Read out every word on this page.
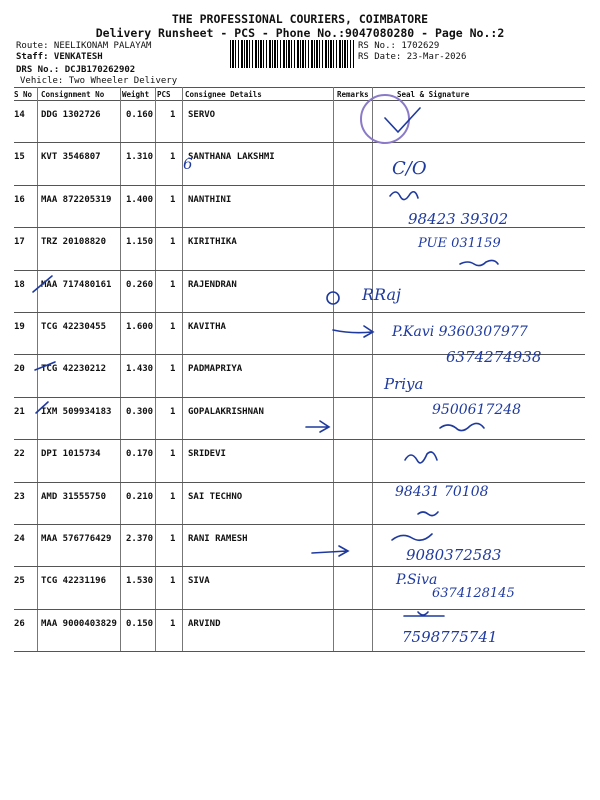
THE PROFESSIONAL COURIERS, COIMBATORE
Delivery Runsheet - PCS - Phone No.:9047080280 - Page No.:2
Route: NEELIKONAM PALAYAM
Staff: VENKATESH
DRS No.: DCJB170262902
Vehicle: Two Wheeler Delivery
RS No.: 1702629
RS Date: 23-Mar-2026
S No Consignment No Weight PCS Consignee Details	Remarks	Seal & Signature
14 DDG 1302726	0.160 1 SERVO
15 KVT 3546807	1.310 1 SANTHANA LAKSHMI
16 MAA 872205319 1.400 1 NANTHINI
17 TRZ 20108820 1.150 1 KIRITHIKA
18 MAA 717480161 0.260 1 RAJENDRAN
19 TCG 42230455 1.600 1 KAVITHA
20 TCG 42230212 1.430 1 PADMAPRIYA
21 IXM 509934183 0.300 1 GOPALAKRISHNAN
22 DPI 1015734	0.170 1 SRIDEVI
23 AMD 31555750 0.210 1 SAI TECHNO
24 MAA 576776429 2.370 1 RANI RAMESH
25 TCG 42231196 1.530 1 SIVA
26 MAA 9000403829 0.150 1 ARVIND
6	C/O
98423 39302
PUE 031159
RRaj
P.Kavi 9360307977
6374274938
Priya
9500617248
98431 70108
9080372583
P.Siva
6374128145
7598775741
